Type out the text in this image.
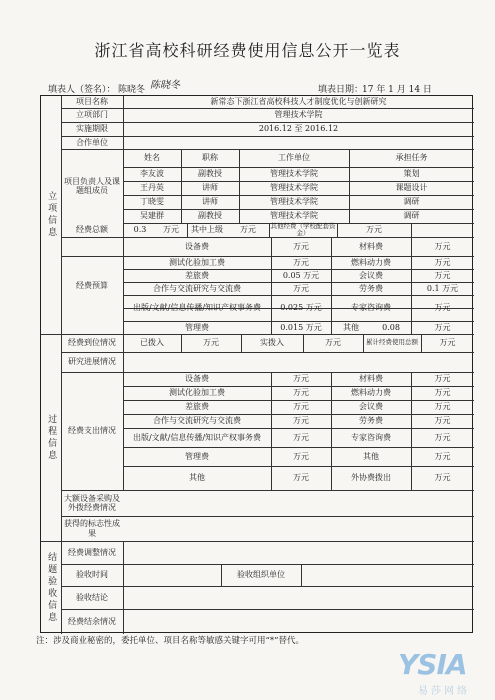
浙江省高校科研经费使用信息公开一览表
填表人（签名）： 陈晓冬 陈晓冬	填表日期：
17 年 1 月 14 日
立项信息
过程信息
结题验收信息
项目名称	新常态下浙江省高校科技人才制度优化与创新研究
立项部门	管理技术学院
实施期限	2016.12 至 2016.12
合作单位
项目负责人及课题组成员
姓名	职称	工作单位	承担任务
李友波	副教授	管理技术学院	策划
王丹英	讲师	管理技术学院	课题设计
丁晓雯	讲师	管理技术学院	调研
吴建群	副教授	管理技术学院	调研
经费总额	0.3	万元	其中上级	万元	其他经费（学校配套资金）	万元
经费预算
设备费	万元	材料费	万元
测试化验加工费	万元	燃料动力费	万元
差旅费	0.05 万元	会议费	万元
合作与交流研究与交流费	万元	劳务费	0.1 万元
出版/文献/信息传播/知识产权事务费	0.025 万元	专家咨询费	万元
管理费	0.015 万元	其他	0.08	万元
经费到位情况	已拨入	万元	实拨入	万元	累计经费使用总额	万元
研究进展情况
经费支出情况
设备费	万元	材料费	万元
测试化验加工费	万元	燃料动力费	万元
差旅费	万元	会议费	万元
合作与交流研究与交流费	万元	劳务费	万元
出版/文献/信息传播/知识产权事务费	万元	专家咨询费	万元
管理费	万元	其他	万元
其他	万元	外协费拨出	万元
大额设备采购及外拨经费情况
获得的标志性成果
经费调整情况
验收时间	验收组织单位
验收结论
经费结余情况
注：涉及商业秘密的，委托单位、项目名称等敏感关键字可用“*”替代。
YSIA
易莎网络
